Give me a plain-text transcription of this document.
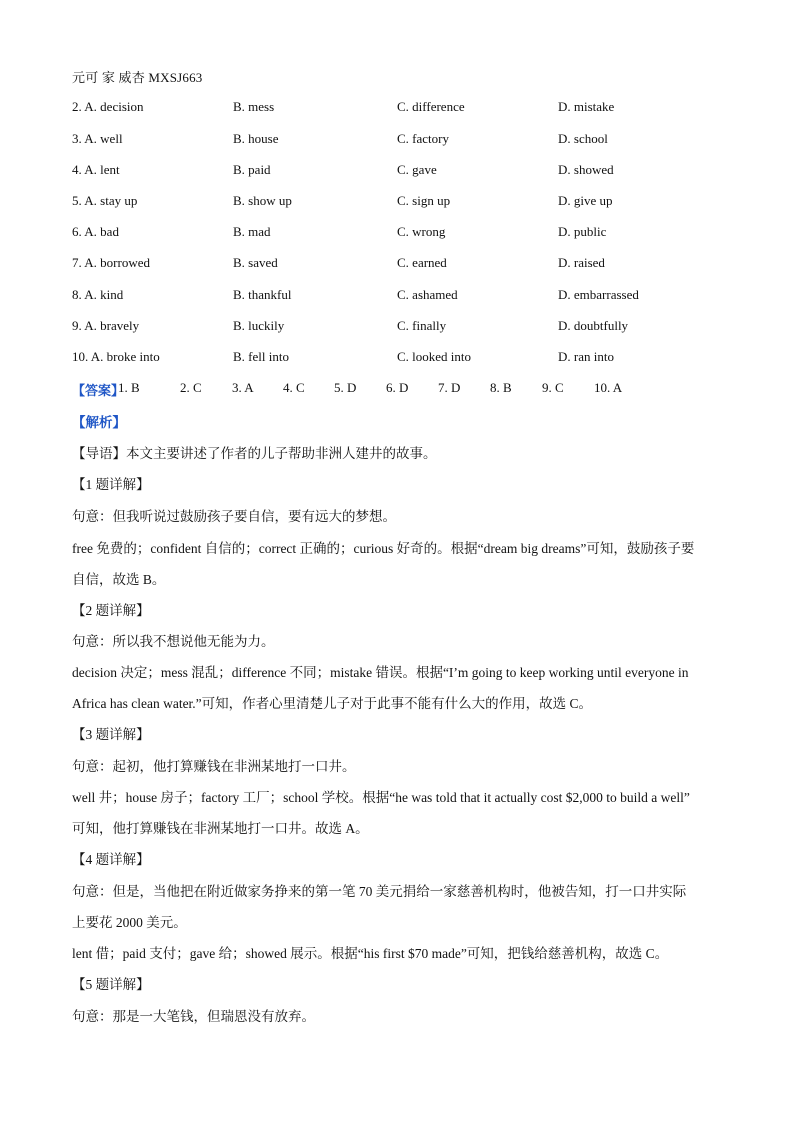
元可 家 威杏 MXSJ663
2. A. decision	B. mess	C. difference	D. mistake
3. A. well	B. house	C. factory	D. school
4. A. lent	B. paid	C. gave	D. showed
5. A. stay up	B. show up	C. sign up	D. give up
6. A. bad	B. mad	C. wrong	D. public
7. A. borrowed	B. saved	C. earned	D. raised
8. A. kind	B. thankful	C. ashamed	D. embarrassed
9. A. bravely	B. luckily	C. finally	D. doubtfully
10. A. broke into	B. fell into	C. looked into	D. ran into
【答案】
1. B	2. C 3. A 4. C 5. D 6. D 7. D 8. B 9. C 10. A
【解析】
【导语】本文主要讲述了作者的儿子帮助非洲人建井的故事。
【1 题详解】
句意：但我听说过鼓励孩子要自信，要有远大的梦想。
free 免费的；confident 自信的；correct 正确的；curious 好奇的。根据“dream big dreams”可知，鼓励孩子要
自信，故选 B。
【2 题详解】
句意：所以我不想说他无能为力。
decision 决定；mess 混乱；difference 不同；mistake 错误。根据“I’m going to keep working until everyone in
Africa has clean water.”可知，作者心里清楚儿子对于此事不能有什么大的作用，故选 C。
【3 题详解】
句意：起初，他打算赚钱在非洲某地打一口井。
well 井；house 房子；factory 工厂；school 学校。根据“he was told that it actually cost $2,000 to build a well”
可知，他打算赚钱在非洲某地打一口井。故选 A。
【4 题详解】
句意：但是，当他把在附近做家务挣来的第一笔 70 美元捐给一家慈善机构时，他被告知，打一口井实际
上要花 2000 美元。
lent 借；paid 支付；gave 给；showed 展示。根据“his first $70 made”可知，把钱给慈善机构，故选 C。
【5 题详解】
句意：那是一大笔钱，但瑞恩没有放弃。
